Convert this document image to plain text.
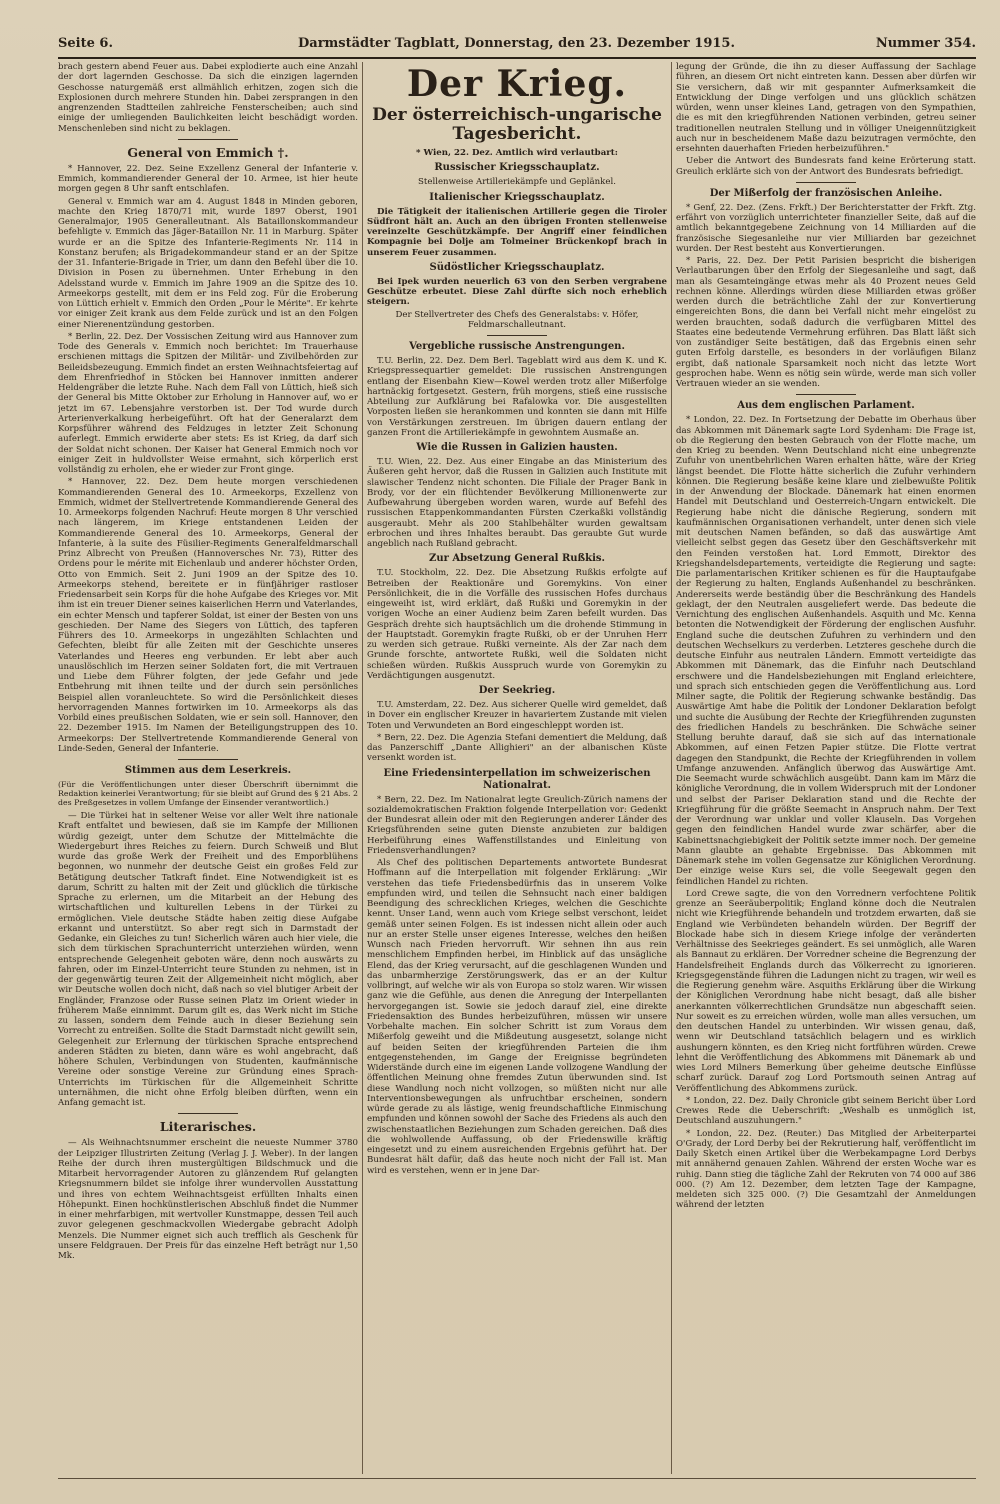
Seite 6.	Darmstädter Tagblatt, Donnerstag, den 23. Dezember 1915.	Nummer 354.

brach gestern abend Feuer aus. Dabei explodierte auch eine Anzahl der dort lagernden Geschosse. Da sich die einzigen lagernden Geschosse naturgemäß erst allmählich erhitzen, zogen sich die Explosionen durch mehrere Stunden hin. Dabei zersprangen in den angrenzenden Stadtteilen zahlreiche Fensterscheiben; auch sind einige der umliegenden Baulichkeiten leicht beschädigt worden. Menschenleben sind nicht zu beklagen.

General von Emmich †.

* Hannover, 22. Dez. Seine Exzellenz General der Infanterie v. Emmich, kommandierender General der 10. Armee, ist hier heute morgen gegen 8 Uhr sanft entschlafen.

General v. Emmich war am 4. August 1848 in Minden geboren, machte den Krieg 1870/71 mit, wurde 1897 Oberst, 1901 Generalmajor, 1905 Generalleutnant. Als Bataillonskommandeur befehligte v. Emmich das Jäger-Bataillon Nr. 11 in Marburg. Später wurde er an die Spitze des Infanterie-Regiments Nr. 114 in Konstanz berufen; als Brigadekommandeur stand er an der Spitze der 31. Infanterie-Brigade in Trier, um dann den Befehl über die 10. Division in Posen zu übernehmen. Unter Erhebung in den Adelsstand wurde v. Emmich im Jahre 1909 an die Spitze des 10. Armeekorps gestellt, mit dem er ins Feld zog. Für die Eroberung von Lüttich erhielt v. Emmich den Orden „Pour le Mérite". Er kehrte vor einiger Zeit krank aus dem Felde zurück und ist an den Folgen einer Nierenentzündung gestorben.

* Berlin, 22. Dez. Der Vossischen Zeitung wird aus Hannover zum Tode des Generals v. Emmich noch berichtet: Im Trauerhause erschienen mittags die Spitzen der Militär- und Zivilbehörden zur Beileidsbezeugung. Emmich findet an ersten Weihnachtsfeiertag auf dem Ehrenfriedhof in Stöcken bei Hannover inmitten anderer Heldengräber die letzte Ruhe. Nach dem Fall von Lüttich, hieß sich der General bis Mitte Oktober zur Erholung in Hannover auf, wo er jetzt im 67. Lebensjahre verstorben ist. Der Tod wurde durch Arterienverkalkung herbeigeführt. Oft hat der Generalarzt dem Korpsführer während des Feldzuges in letzter Zeit Schonung auferlegt. Emmich erwiderte aber stets: Es ist Krieg, da darf sich der Soldat nicht schonen. Der Kaiser hat General Emmich noch vor einiger Zeit in huldvollster Weise ermahnt, sich körperlich erst vollständig zu erholen, ehe er wieder zur Front ginge.

* Hannover, 22. Dez. Dem heute morgen verschiedenen Kommandierenden General des 10. Armeekorps, Exzellenz von Emmich, widmet der Stellvertretende Kommandierende General des 10. Armeekorps folgenden Nachruf: Heute morgen 8 Uhr verschied nach längerem, im Kriege entstandenen Leiden der Kommandierende General des 10. Armeekorps, General der Infanterie, à la suite des Füsilier-Regiments Generalfeldmarschall Prinz Albrecht von Preußen (Hannoversches Nr. 73), Ritter des Ordens pour le mérite mit Eichenlaub und anderer höchster Orden, Otto von Emmich. Seit 2. Juni 1909 an der Spitze des 10. Armeekorps stehend, bereitete er in fünfjähriger rastloser Friedensarbeit sein Korps für die hohe Aufgabe des Krieges vor. Mit ihm ist ein treuer Diener seines kaiserlichen Herrn und Vaterlandes, ein echter Mensch und tapferer Soldat, ist einer der Besten von uns geschieden. Der Name des Siegers von Lüttich, des tapferen Führers des 10. Armeekorps in ungezählten Schlachten und Gefechten, bleibt für alle Zeiten mit der Geschichte unseres Vaterlandes und Heeres eng verbunden. Er lebt aber auch unauslöschlich im Herzen seiner Soldaten fort, die mit Vertrauen und Liebe dem Führer folgten, der jede Gefahr und jede Entbehrung mit ihnen teilte und der durch sein persönliches Beispiel allen voranleuchtete. So wird die Persönlichkeit dieses hervorragenden Mannes fortwirken im 10. Armeekorps als das Vorbild eines preußischen Soldaten, wie er sein soll. Hannover, den 22. Dezember 1915. Im Namen der Beteiligungstruppen des 10. Armeekorps: Der Stellvertretende Kommandierende General von Linde-Seden, General der Infanterie.

Stimmen aus dem Leserkreis.

(Für die Veröffentlichungen unter dieser Überschrift übernimmt die Redaktion keinerlei Verantwortung; für sie bleibt auf Grund des § 21 Abs. 2 des Preßgesetzes in vollem Umfange der Einsender verantwortlich.)

— Die Türkei hat in seltener Weise vor aller Welt ihre nationale Kraft entfaltet und bewiesen, daß sie im Kampfe der Millionen würdig gezeigt, unter dem Schutze der Mittelmächte die Wiedergeburt ihres Reiches zu feiern. Durch Schweiß und Blut wurde das große Werk der Freiheit und des Emporblühens begonnen, wo nunmehr der deutsche Geist ein großes Feld zur Betätigung deutscher Tatkraft findet. Eine Notwendigkeit ist es darum, Schritt zu halten mit der Zeit und glücklich die türkische Sprache zu erlernen, um die Mitarbeit an der Hebung des wirtschaftlichen und kulturellen Lebens in der Türkei zu ermöglichen. Viele deutsche Städte haben zeitig diese Aufgabe erkannt und unterstützt. So aber regt sich in Darmstadt der Gedanke, ein Gleiches zu tun! Sicherlich wären auch hier viele, die sich dem türkischen Sprachunterricht unterziehen würden, wenn entsprechende Gelegenheit geboten wäre, denn noch auswärts zu fahren, oder im Einzel-Unterricht teure Stunden zu nehmen, ist in der gegenwärtig teuren Zeit der Allgemeinheit nicht möglich, aber wir Deutsche wollen doch nicht, daß nach so viel blutiger Arbeit der Engländer, Franzose oder Russe seinen Platz im Orient wieder in früherem Maße einnimmt. Darum gilt es, das Werk nicht im Stiche zu lassen, sondern dem Feinde auch in dieser Beziehung sein Vorrecht zu entreißen. Sollte die Stadt Darmstadt nicht gewillt sein, Gelegenheit zur Erlernung der türkischen Sprache entsprechend anderen Städten zu bieten, dann wäre es wohl angebracht, daß höhere Schulen, Verbindungen von Studenten, kaufmännische Vereine oder sonstige Vereine zur Gründung eines Sprach-Unterrichts im Türkischen für die Allgemeinheit Schritte unternähmen, die nicht ohne Erfolg bleiben dürften, wenn ein Anfang gemacht ist.

Literarisches.

— Als Weihnachtsnummer erscheint die neueste Nummer 3780 der Leipziger Illustrirten Zeitung (Verlag J. J. Weber). In der langen Reihe der durch ihren mustergültigen Bildschmuck und die Mitarbeit hervorragender Autoren zu glänzendem Ruf gelangten Kriegsnummern bildet sie infolge ihrer wundervollen Ausstattung und ihres von echtem Weihnachtsgeist erfüllten Inhalts einen Höhepunkt. Einen hochkünstlerischen Abschluß findet die Nummer in einer mehrfarbigen, mit wertvoller Kunstmappe, dessen Teil auch zuvor gelegenen geschmackvollen Wiedergabe gebracht Adolph Menzels. Die Nummer eignet sich auch trefflich als Geschenk für unsere Feldgrauen. Der Preis für das einzelne Heft beträgt nur 1,50 Mk.

Der Krieg.
Der österreichisch-ungarische Tagesbericht.

* Wien, 22. Dez. Amtlich wird verlautbart:

Russischer Kriegsschauplatz.

Stellenweise Artilleriekämpfe und Geplänkel.

Italienischer Kriegsschauplatz.

Die Tätigkeit der italienischen Artillerie gegen die Tiroler Südfront hält an. Auch an den übrigen Fronten stellenweise vereinzelte Geschützkämpfe. Der Angriff einer feindlichen Kompagnie bei Dolje am Tolmeiner Brückenkopf brach in unserem Feuer zusammen.

Südöstlicher Kriegsschauplatz.

Bei Ipek wurden neuerlich 63 von den Serben vergrabene Geschütze erbeutet. Diese Zahl dürfte sich noch erheblich steigern.

Der Stellvertreter des Chefs des Generalstabs: v. Höfer, Feldmarschalleutnant.

Vergebliche russische Anstrengungen.

T.U. Berlin, 22. Dez. Dem Berl. Tageblatt wird aus dem K. und K. Kriegspressequartier gemeldet: Die russischen Anstrengungen entlang der Eisenbahn Kiew—Kowel werden trotz aller Mißerfolge hartnäckig fortgesetzt. Gestern, früh morgens, stieß eine russische Abteilung zur Aufklärung bei Rafalowka vor. Die ausgestellten Vorposten ließen sie herankommen und konnten sie dann mit Hilfe von Verstärkungen zerstreuen. Im übrigen dauern entlang der ganzen Front die Artilleriekämpfe in gewohntem Ausmaße an.

Wie die Russen in Galizien hausten.

T.U. Wien, 22. Dez. Aus einer Eingabe an das Ministerium des Äußeren geht hervor, daß die Russen in Galizien auch Institute mit slawischer Tendenz nicht schonten. Die Filiale der Prager Bank in Brody, vor der ein flüchtender Bevölkerung Millionenwerte zur Aufbewahrung übergeben worden waren, wurde auf Befehl des russischen Etappenkommandanten Fürsten Czerkaßki vollständig ausgeraubt. Mehr als 200 Stahlbehälter wurden gewaltsam erbrochen und ihres Inhaltes beraubt. Das geraubte Gut wurde angeblich nach Rußland gebracht.

Zur Absetzung General Rußkis.

T.U. Stockholm, 22. Dez. Die Absetzung Rußkis erfolgte auf Betreiben der Reaktionäre und Goremykins. Von einer Persönlichkeit, die in die Vorfälle des russischen Hofes durchaus eingeweiht ist, wird erklärt, daß Rußki und Goremykin in der vorigen Woche an einer Audienz beim Zaren befeilt wurden. Das Gespräch drehte sich hauptsächlich um die drohende Stimmung in der Hauptstadt. Goremykin fragte Rußki, ob er der Unruhen Herr zu werden sich getraue. Rußki verneinte. Als der Zar nach dem Grunde forschte, antwortete Rußki, weil die Soldaten nicht schießen würden. Rußkis Ausspruch wurde von Goremykin zu Verdächtigungen ausgenutzt.

Der Seekrieg.

T.U. Amsterdam, 22. Dez. Aus sicherer Quelle wird gemeldet, daß in Dover ein englischer Kreuzer in havariertem Zustande mit vielen Toten und Verwundeten an Bord eingeschleppt worden ist.

* Bern, 22. Dez. Die Agenzia Stefani dementiert die Meldung, daß das Panzerschiff „Dante Allighieri" an der albanischen Küste versenkt worden ist.

Eine Friedensinterpellation im schweizerischen Nationalrat.

* Bern, 22. Dez. Im Nationalrat legte Greulich-Zürich namens der sozialdemokratischen Fraktion folgende Interpellation vor: Gedenkt der Bundesrat allein oder mit den Regierungen anderer Länder des Kriegsführenden seine guten Dienste anzubieten zur baldigen Herbeiführung eines Waffenstillstandes und Einleitung von Friedensverhandlungen?

Als Chef des politischen Departements antwortete Bundesrat Hoffmann auf die Interpellation mit folgender Erklärung: „Wir verstehen das tiefe Friedensbedürfnis das in unserem Volke empfunden wird, und teilen die Sehnsucht nach einer baldigen Beendigung des schrecklichen Krieges, welchen die Geschichte kennt. Unser Land, wenn auch vom Kriege selbst verschont, leidet gemäß unter seinen Folgen. Es ist indessen nicht allein oder auch nur an erster Stelle unser eigenes Interesse, welches den heißen Wunsch nach Frieden hervorruft. Wir sehnen ihn aus rein menschlichem Empfinden herbei, im Hinblick auf das unsägliche Elend, das der Krieg verursacht, auf die geschlagenen Wunden und das unbarmherzige Zerstörungswerk, das er an der Kultur vollbringt, auf welche wir als von Europa so stolz waren. Wir wissen ganz wie die Gefühle, aus denen die Anregung der Interpellanten hervorgegangen ist. Sowie sie jedoch darauf ziel, eine direkte Friedensaktion des Bundes herbeizuführen, müssen wir unsere Vorbehalte machen. Ein solcher Schritt ist zum Voraus dem Mißerfolg geweiht und die Mißdeutung ausgesetzt, solange nicht auf beiden Seiten der kriegführenden Parteien die ihm entgegenstehenden, im Gange der Ereignisse begründeten Widerstände durch eine im eigenen Lande vollzogene Wandlung der öffentlichen Meinung ohne fremdes Zutun überwunden sind. Ist diese Wandlung noch nicht vollzogen, so müßten nicht nur alle Interventionsbewegungen als unfruchtbar erscheinen, sondern würde gerade zu als lästige, wenig freundschaftliche Einmischung empfunden und können sowohl der Sache des Friedens als auch den zwischenstaatlichen Beziehungen zum Schaden gereichen. Daß dies die wohlwollende Auffassung, ob der Friedenswille kräftig eingesetzt und zu einem ausreichenden Ergebnis geführt hat. Der Bundesrat hält dafür, daß das heute noch nicht der Fall ist. Man wird es verstehen, wenn er in jene Dar-

legung der Gründe, die ihn zu dieser Auffassung der Sachlage führen, an diesem Ort nicht eintreten kann. Dessen aber dürfen wir Sie versichern, daß wir mit gespannter Aufmerksamkeit die Entwicklung der Dinge verfolgen und uns glücklich schätzen würden, wenn unser kleines Land, getragen von den Sympathien, die es mit den kriegführenden Nationen verbinden, getreu seiner traditionellen neutralen Stellung und in völliger Uneigennützigkeit auch nur in bescheidenem Maße dazu beizutragen vermöchte, den ersehnten dauerhaften Frieden herbeizuführen."

Ueber die Antwort des Bundesrats fand keine Erörterung statt. Greulich erklärte sich von der Antwort des Bundesrats befriedigt.

Der Mißerfolg der französischen Anleihe.

* Genf, 22. Dez. (Zens. Frkft.) Der Berichterstatter der Frkft. Ztg. erfährt von vorzüglich unterrichteter finanzieller Seite, daß auf die amtlich bekanntgegebene Zeichnung von 14 Milliarden auf die französische Siegesanleihe nur vier Milliarden bar gezeichnet wurden. Der Rest besteht aus Konvertierungen.

* Paris, 22. Dez. Der Petit Parisien bespricht die bisherigen Verlautbarungen über den Erfolg der Siegesanleihe und sagt, daß man als Gesamteingänge etwas mehr als 40 Prozent neues Geld rechnen könne. Allerdings würden diese Milliarden etwas größer werden durch die beträchtliche Zahl der zur Konvertierung eingereichten Bons, die dann bei Verfall nicht mehr eingelöst zu werden brauchten, sodaß dadurch die verfügbaren Mittel des Staates eine bedeutende Vermehrung erführen. Das Blatt läßt sich von zuständiger Seite bestätigen, daß das Ergebnis einen sehr guten Erfolg darstelle, es besonders in der vorläufigen Bilanz ergibt, daß nationale Sparsamkeit noch nicht das letzte Wort gesprochen habe. Wenn es nötig sein würde, werde man sich voller Vertrauen wieder an sie wenden.

Aus dem englischen Parlament.

* London, 22. Dez. In Fortsetzung der Debatte im Oberhaus über das Abkommen mit Dänemark sagte Lord Sydenham: Die Frage ist, ob die Regierung den besten Gebrauch von der Flotte mache, um den Krieg zu beenden. Wenn Deutschland nicht eine unbegrenzte Zufuhr von unentbehrlichen Waren erhalten hätte, wäre der Krieg längst beendet. Die Flotte hätte sicherlich die Zufuhr verhindern können. Die Regierung besäße keine klare und zielbewußte Politik in der Anwendung der Blockade. Dänemark hat einen enormen Handel mit Deutschland und Oesterreich-Ungarn entwickelt. Die Regierung habe nicht die dänische Regierung, sondern mit kaufmännischen Organisationen verhandelt, unter denen sich viele mit deutschen Namen befänden, so daß das auswärtige Amt vielleicht selbst gegen das Gesetz über den Geschäftsverkehr mit den Feinden verstoßen hat. Lord Emmott, Direktor des Kriegshandelsdepartements, verteidigte die Regierung und sagte: Die parlamentarischen Kritiker schienen es für die Hauptaufgabe der Regierung zu halten, Englands Außenhandel zu beschränken. Andererseits werde beständig über die Beschränkung des Handels geklagt, der den Neutralen ausgeliefert werde. Das bedeute die Vernichtung des englischen Außenhandels. Asquith und Mc. Kenna betonten die Notwendigkeit der Förderung der englischen Ausfuhr. England suche die deutschen Zufuhren zu verhindern und den deutschen Wechselkurs zu verderben. Letzteres geschehe durch die deutsche Einfuhr aus neutralen Ländern. Emmott verteidigte das Abkommen mit Dänemark, das die Einfuhr nach Deutschland erschwere und die Handelsbeziehungen mit England erleichtere, und sprach sich entschieden gegen die Veröffentlichung aus. Lord Milner sagte, die Politik der Regierung schwanke beständig. Das Auswärtige Amt habe die Politik der Londoner Deklaration befolgt und suchte die Ausübung der Rechte der Kriegführenden zugunsten des friedlichen Handels zu beschränken. Die Schwäche seiner Stellung beruhte darauf, daß sie sich auf das internationale Abkommen, auf einen Fetzen Papier stütze. Die Flotte vertrat dagegen den Standpunkt, die Rechte der Kriegführenden in vollem Umfange anzuwenden. Anfänglich überwog das Auswärtige Amt. Die Seemacht wurde schwächlich ausgeübt. Dann kam im März die königliche Verordnung, die in vollem Widerspruch mit der Londoner und selbst der Pariser Deklaration stand und die Rechte der Kriegführung für die größte Seemacht in Anspruch nahm. Der Text der Verordnung war unklar und voller Klauseln. Das Vorgehen gegen den feindlichen Handel wurde zwar schärfer, aber die Kabinettsnachgiebigkeit der Politik setzte immer noch. Der gemeine Mann glaubte an gehabte Ergebnisse. Das Abkommen mit Dänemark stehe im vollen Gegensatze zur Königlichen Verordnung. Der einzige weise Kurs sei, die volle Seegewalt gegen den feindlichen Handel zu richten.

Lord Crewe sagte, die von den Vorrednern verfochtene Politik grenze an Seeräuberpolitik; England könne doch die Neutralen nicht wie Kriegführende behandeln und trotzdem erwarten, daß sie England wie Verbündeten behandeln würden. Der Begriff der Blockade habe sich in diesem Kriege infolge der veränderten Verhältnisse des Seekrieges geändert. Es sei unmöglich, alle Waren als Bannaut zu erklären. Der Vorredner scheine die Begrenzung der Handelsfreiheit Englands durch das Völkerrecht zu ignorieren. Kriegsgegenstände führen die Ladungen nicht zu tragen, wir weil es die Regierung genehm wäre. Asquiths Erklärung über die Wirkung der Königlichen Verordnung habe nicht besagt, daß alle bisher anerkannten völkerrechtlichen Grundsätze nun abgeschafft seien. Nur soweit es zu erreichen würden, wolle man alles versuchen, um den deutschen Handel zu unterbinden. Wir wissen genau, daß, wenn wir Deutschland tatsächlich belagern und es wirklich aushungern könnten, es den Krieg nicht fortführen würden. Crewe lehnt die Veröffentlichung des Abkommens mit Dänemark ab und wies Lord Milners Bemerkung über geheime deutsche Einflüsse scharf zurück. Darauf zog Lord Portsmouth seinen Antrag auf Veröffentlichung des Abkommens zurück.

* London, 22. Dez. Daily Chronicle gibt seinem Bericht über Lord Crewes Rede die Ueberschrift: „Weshalb es unmöglich ist, Deutschland auszuhungern."

* London, 22. Dez. (Reuter.) Das Mitglied der Arbeiterpartei O'Grady, der Lord Derby bei der Rekrutierung half, veröffentlicht im Daily Sketch einen Artikel über die Werbekampagne Lord Derbys mit annähernd genauen Zahlen. Während der ersten Woche war es ruhig. Dann stieg die tägliche Zahl der Rekruten von 74 000 auf 386 000. (?) Am 12. Dezember, dem letzten Tage der Kampagne, meldeten sich 325 000. (?) Die Gesamtzahl der Anmeldungen während der letzten
